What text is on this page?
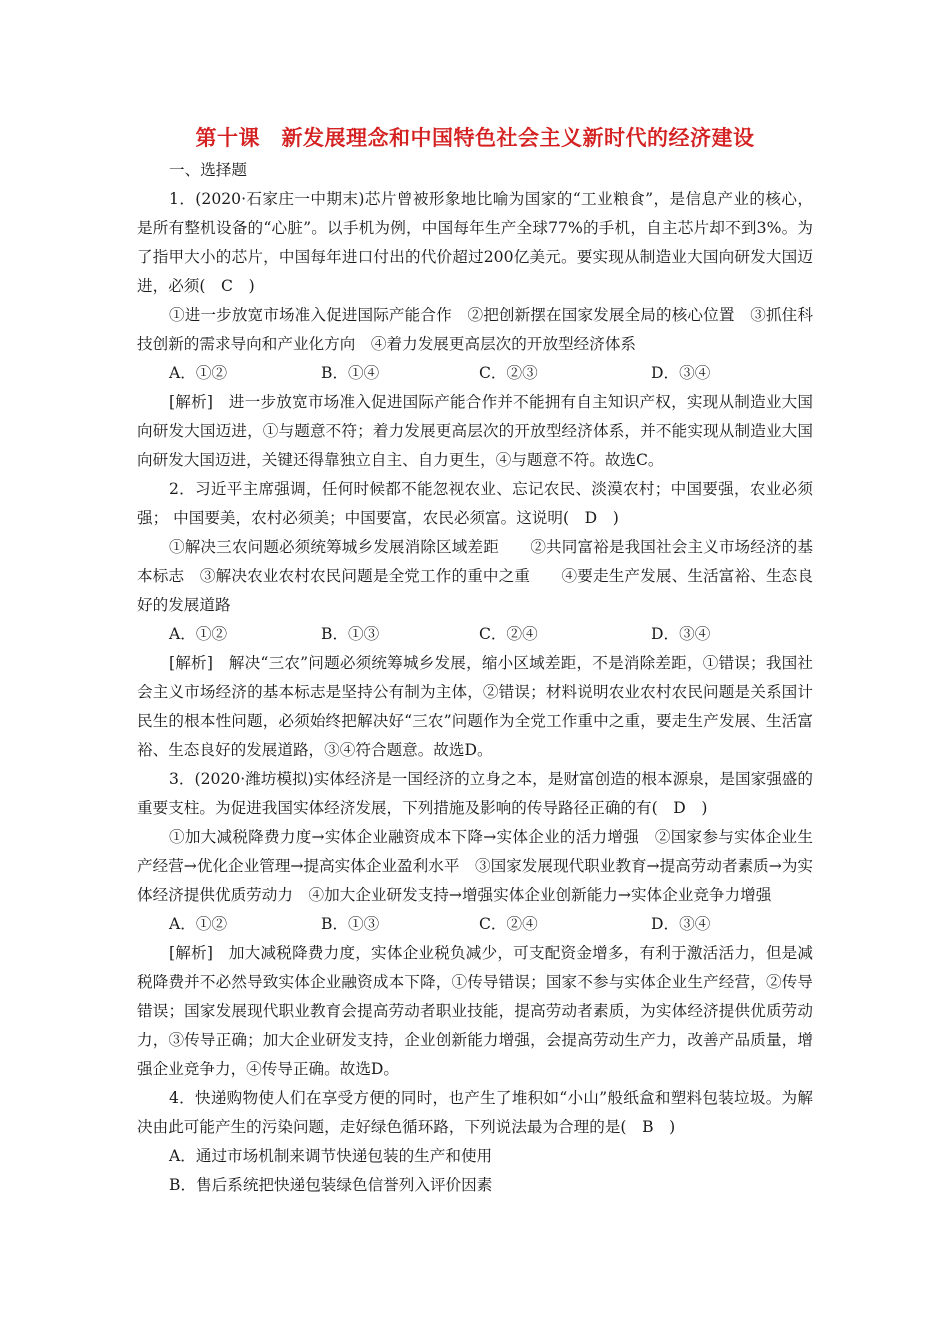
第十课　新发展理念和中国特色社会主义新时代的经济建设

一、选择题

1．(2020·石家庄一中期末)芯片曾被形象地比喻为国家的“工业粮食”，是信息产业的核心，是所有整机设备的“心脏”。以手机为例，中国每年生产全球77%的手机，自主芯片却不到3%。为了指甲大小的芯片，中国每年进口付出的代价超过200亿美元。要实现从制造业大国向研发大国迈进，必须(　C　)

①进一步放宽市场准入促进国际产能合作　②把创新摆在国家发展全局的核心位置　③抓住科技创新的需求导向和产业化方向　④着力发展更高层次的开放型经济体系

A．①②	B．①④	C．②③	D．③④

[解析]　进一步放宽市场准入促进国际产能合作并不能拥有自主知识产权，实现从制造业大国向研发大国迈进，①与题意不符；着力发展更高层次的开放型经济体系，并不能实现从制造业大国向研发大国迈进，关键还得靠独立自主、自力更生，④与题意不符。故选C。

2．习近平主席强调，任何时候都不能忽视农业、忘记农民、淡漠农村；中国要强，农业必须强； 中国要美，农村必须美；中国要富，农民必须富。这说明(　D　)

①解决三农问题必须统筹城乡发展消除区域差距　　②共同富裕是我国社会主义市场经济的基本标志　③解决农业农村农民问题是全党工作的重中之重　　④要走生产发展、生活富裕、生态良好的发展道路

A．①②	B．①③	C．②④	D．③④

[解析]　解决“三农”问题必须统筹城乡发展，缩小区域差距，不是消除差距，①错误；我国社会主义市场经济的基本标志是坚持公有制为主体，②错误；材料说明农业农村农民问题是关系国计民生的根本性问题，必须始终把解决好“三农”问题作为全党工作重中之重，要走生产发展、生活富裕、生态良好的发展道路，③④符合题意。故选D。

3．(2020·潍坊模拟)实体经济是一国经济的立身之本，是财富创造的根本源泉，是国家强盛的重要支柱。为促进我国实体经济发展，下列措施及影响的传导路径正确的有(　D　)

①加大减税降费力度→实体企业融资成本下降→实体企业的活力增强　②国家参与实体企业生产经营→优化企业管理→提高实体企业盈利水平　③国家发展现代职业教育→提高劳动者素质→为实体经济提供优质劳动力　④加大企业研发支持→增强实体企业创新能力→实体企业竞争力增强

A．①②	B．①③	C．②④	D．③④

[解析]　加大减税降费力度，实体企业税负减少，可支配资金增多，有利于激活活力，但是减税降费并不必然导致实体企业融资成本下降，①传导错误；国家不参与实体企业生产经营，②传导错误；国家发展现代职业教育会提高劳动者职业技能，提高劳动者素质，为实体经济提供优质劳动力，③传导正确；加大企业研发支持，企业创新能力增强，会提高劳动生产力，改善产品质量，增强企业竞争力，④传导正确。故选D。

4．快递购物使人们在享受方便的同时，也产生了堆积如“小山”般纸盒和塑料包装垃圾。为解决由此可能产生的污染问题，走好绿色循环路，下列说法最为合理的是(　B　)

A．通过市场机制来调节快递包装的生产和使用

B．售后系统把快递包装绿色信誉列入评价因素
